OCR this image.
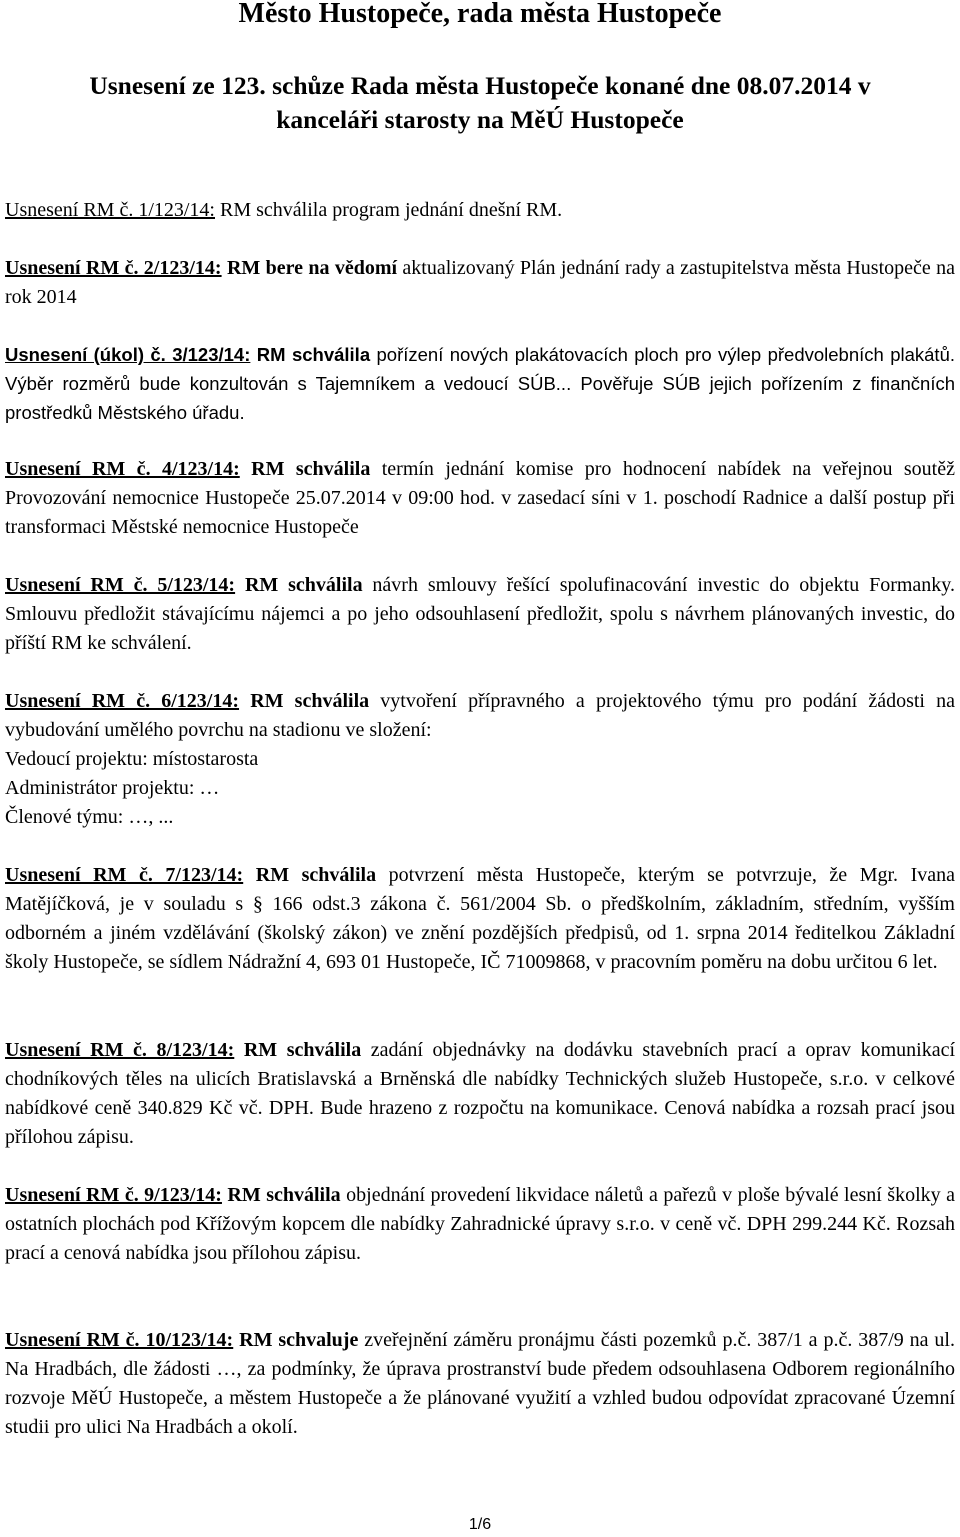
Město Hustopeče, rada města Hustopeče
Usnesení ze 123. schůze Rada města Hustopeče konané dne 08.07.2014 v
kanceláři starosty na MěÚ Hustopeče
Usnesení RM č. 1/123/14: RM schválila program jednání dnešní RM.
Usnesení RM č. 2/123/14: RM bere na vědomí aktualizovaný Plán jednání rady a zastupitelstva města Hustopeče na rok 2014
Usnesení (úkol) č. 3/123/14: RM schválila pořízení nových plakátovacích ploch pro výlep předvolebních plakátů. Výběr rozměrů bude konzultován s Tajemníkem a vedoucí SÚB... Pověřuje SÚB jejich pořízením z finančních prostředků Městského úřadu.
Usnesení RM č. 4/123/14: RM schválila termín jednání komise pro hodnocení nabídek na veřejnou soutěž Provozování nemocnice Hustopeče 25.07.2014 v 09:00 hod. v zasedací síni v 1. poschodí Radnice a další postup při transformaci Městské nemocnice Hustopeče
Usnesení RM č. 5/123/14: RM schválila návrh smlouvy řešící spolufinacování investic do objektu Formanky. Smlouvu předložit stávajícímu nájemci a po jeho odsouhlasení předložit, spolu s návrhem plánovaných investic, do příští RM ke schválení.
Usnesení RM č. 6/123/14: RM schválila vytvoření přípravného a projektového týmu pro podání žádosti na vybudování umělého povrchu na stadionu ve složení:
Vedoucí projektu: místostarosta
Administrátor projektu: …
Členové týmu: …, ...
Usnesení RM č. 7/123/14: RM schválila potvrzení města Hustopeče, kterým se potvrzuje, že Mgr. Ivana Matějíčková, je v souladu s § 166 odst.3 zákona č. 561/2004 Sb. o předškolním, základním, středním, vyšším odborném a jiném vzdělávání (školský zákon) ve znění pozdějších předpisů, od 1. srpna 2014 ředitelkou Základní školy Hustopeče, se sídlem Nádražní 4, 693 01 Hustopeče, IČ 71009868, v pracovním poměru na dobu určitou 6 let.
Usnesení RM č. 8/123/14: RM schválila zadání objednávky na dodávku stavebních prací a oprav komunikací chodníkových těles na ulicích Bratislavská a Brněnská dle nabídky Technických služeb Hustopeče, s.r.o. v celkové nabídkové ceně 340.829 Kč vč. DPH. Bude hrazeno z rozpočtu na komunikace. Cenová nabídka a rozsah prací jsou přílohou zápisu.
Usnesení RM č. 9/123/14: RM schválila objednání provedení likvidace náletů a pařezů v ploše bývalé lesní školky a ostatních plochách pod Křížovým kopcem dle nabídky Zahradnické úpravy s.r.o. v ceně vč. DPH 299.244 Kč. Rozsah prací a cenová nabídka jsou přílohou zápisu.
Usnesení RM č. 10/123/14: RM schvaluje zveřejnění záměru pronájmu části pozemků p.č. 387/1 a p.č. 387/9 na ul. Na Hradbách, dle žádosti …, za podmínky, že úprava prostranství bude předem odsouhlasena Odborem regionálního rozvoje MěÚ Hustopeče, a městem Hustopeče a že plánované využití a vzhled budou odpovídat zpracované Územní studii pro ulici Na Hradbách a okolí.
1/6
